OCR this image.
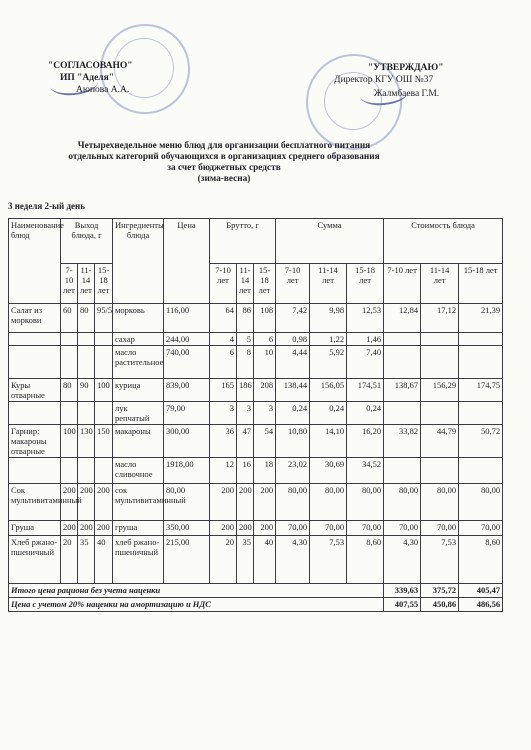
"СОГЛАСОВАНО"
ИП "Аделя"
Аюпова А.А.
"УТВЕРЖДАЮ"
Директор КГУ ОШ №37
Жалмбаева Г.М.
Четырехнедельное меню блюд для организации бесплатного питания
отдельных категорий обучающихся в организациях среднего образования
за счет бюджетных средств
(зима-весна)
3 неделя 2-ый день
Наименование блюд	Выход блюда, г			Ингредиенты блюда	Цена	Брутто, г			Сумма			Стоимость блюда		
	7-10 лет	11-14 лет	15-18 лет			7-10 лет	11-14 лет	15-18 лет	7-10 лет	11-14 лет	15-18 лет	7-10 лет	11-14 лет	15-18 лет
Салат из моркови	60	80	95/5	морковь	116,00	64	86	108	7,42	9,98	12,53	12,84	17,12	21,39
				сахар	244,00	4	5	6	0,98	1,22	1,46			
				масло растительное	740,00	6	8	10	4,44	5,92	7,40			
Куры отварные	80	90	100	курица	839,00	165	186	208	138,44	156,05	174,51	138,67	156,29	174,75
				лук репчатый	79,00	3	3	3	0,24	0,24	0,24			
Гарнир: макароны отварные	100	130	150	макароны	300,00	36	47	54	10,80	14,10	16,20	33,82	44,79	50,72
				масло сливочное	1918,00	12	16	18	23,02	30,69	34,52			
Сок мультивитаминный	200	200	200	сок мультивитаминный	80,00	200	200	200	80,00	80,00	80,00	80,00	80,00	80,00
Груша	200	200	200	груша	350,00	200	200	200	70,00	70,00	70,00	70,00	70,00	70,00
Хлеб ржано-пшеничный	20	35	40	хлеб ржано-пшеничный	215,00	20	35	40	4,30	7,53	8,60	4,30	7,53	8,60
Итого цена рациона без учета наценки												339,63	375,72	405,47
Цена с учетом 20% наценки на амортизацию и НДС												407,55	450,86	486,56
